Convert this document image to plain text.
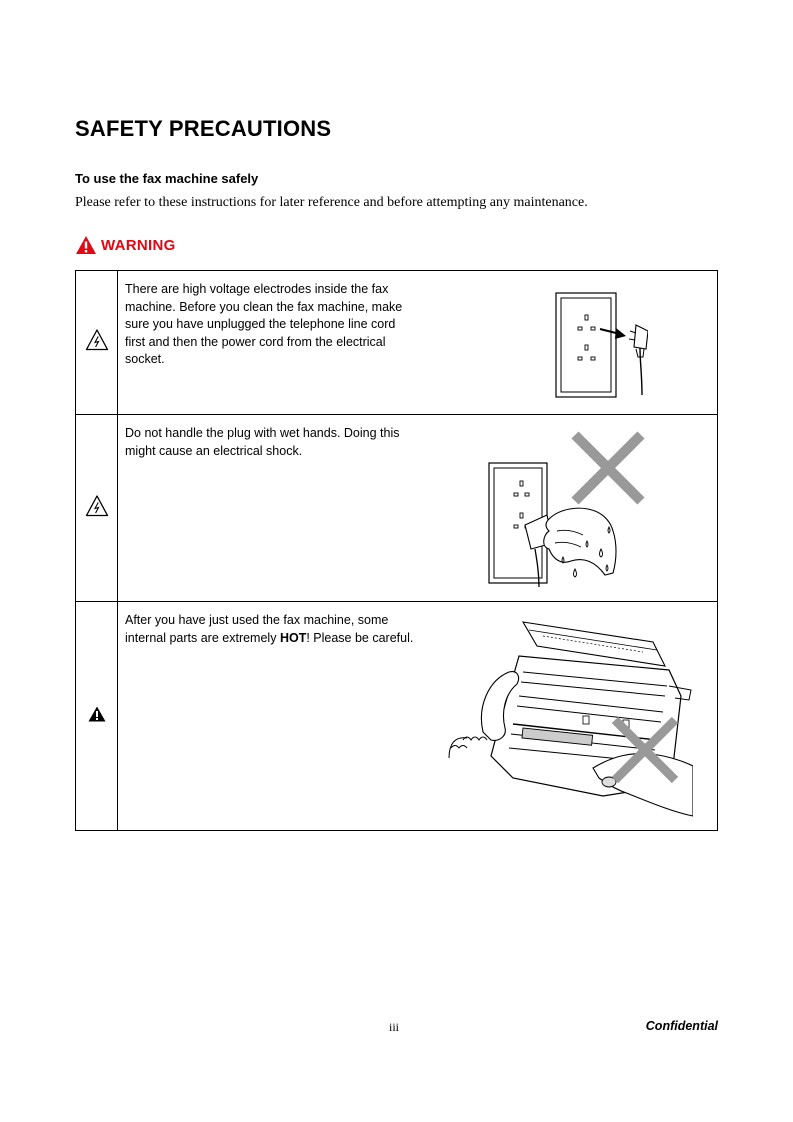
SAFETY PRECAUTIONS
To use the fax machine safely

Please refer to these instructions for later reference and before attempting any maintenance.

WARNING

There are high voltage electrodes inside the fax machine. Before you clean the fax machine, make sure you have unplugged the telephone line cord first and then the power cord from the electrical socket.

Do not handle the plug with wet hands. Doing this might cause an electrical shock.

After you have just used the fax machine, some internal parts are extremely HOT! Please be careful.
iii	Confidential
